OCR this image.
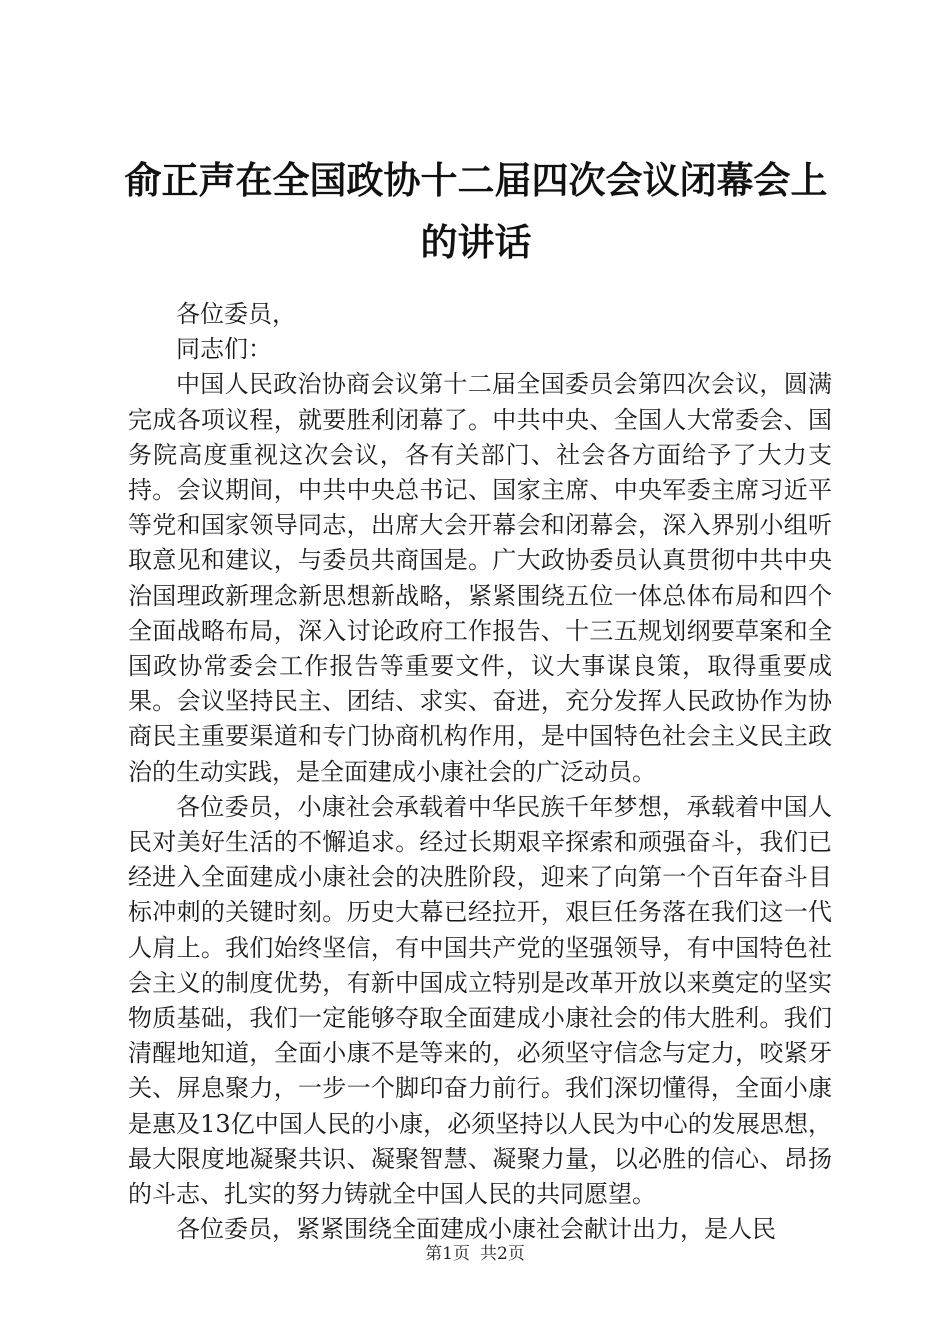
俞正声在全国政协十二届四次会议闭幕会上的讲话

各位委员，

同志们：

中国人民政治协商会议第十二届全国委员会第四次会议，圆满完成各项议程，就要胜利闭幕了。中共中央、全国人大常委会、国务院高度重视这次会议，各有关部门、社会各方面给予了大力支持。会议期间，中共中央总书记、国家主席、中央军委主席习近平等党和国家领导同志，出席大会开幕会和闭幕会，深入界别小组听取意见和建议，与委员共商国是。广大政协委员认真贯彻中共中央治国理政新理念新思想新战略，紧紧围绕五位一体总体布局和四个全面战略布局，深入讨论政府工作报告、十三五规划纲要草案和全国政协常委会工作报告等重要文件，议大事谋良策，取得重要成果。会议坚持民主、团结、求实、奋进，充分发挥人民政协作为协商民主重要渠道和专门协商机构作用，是中国特色社会主义民主政治的生动实践，是全面建成小康社会的广泛动员。

各位委员，小康社会承载着中华民族千年梦想，承载着中国人民对美好生活的不懈追求。经过长期艰辛探索和顽强奋斗，我们已经进入全面建成小康社会的决胜阶段，迎来了向第一个百年奋斗目标冲刺的关键时刻。历史大幕已经拉开，艰巨任务落在我们这一代人肩上。我们始终坚信，有中国共产党的坚强领导，有中国特色社会主义的制度优势，有新中国成立特别是改革开放以来奠定的坚实物质基础，我们一定能够夺取全面建成小康社会的伟大胜利。我们清醒地知道，全面小康不是等来的，必须坚守信念与定力，咬紧牙关、屏息聚力，一步一个脚印奋力前行。我们深切懂得，全面小康是惠及13亿中国人民的小康，必须坚持以人民为中心的发展思想，最大限度地凝聚共识、凝聚智慧、凝聚力量，以必胜的信心、昂扬的斗志、扎实的努力铸就全中国人民的共同愿望。

各位委员，紧紧围绕全面建成小康社会献计出力，是人民

第1页 共2页
